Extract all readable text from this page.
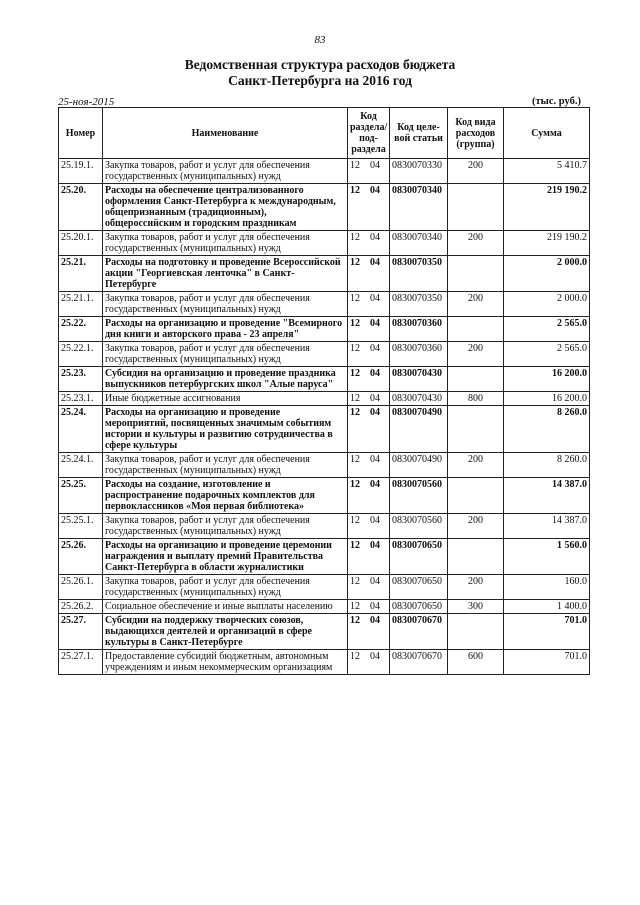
83
Ведомственная структура расходов бюджета
Санкт-Петербурга на 2016 год
25-ноя-2015	(тыс. руб.)
Номер	Наименование	Код раздела/ под-раздела	Код целе-вой статьи	Код вида расходов (группа)	Сумма
25.19.1.	Закупка товаров, работ и услуг для обеспечения государственных (муниципальных) нужд	12 04	0830070330	200	5 410.7
25.20.	Расходы на обеспечение централизованного оформления Санкт-Петербурга к международным, общепризнанным (традиционным), общероссийским и городским праздникам	12 04	0830070340		219 190.2
25.20.1.	Закупка товаров, работ и услуг для обеспечения государственных (муниципальных) нужд	12 04	0830070340	200	219 190.2
25.21.	Расходы на подготовку и проведение Всероссийской акции "Георгиевская ленточка" в Санкт-Петербурге	12 04	0830070350		2 000.0
25.21.1.	Закупка товаров, работ и услуг для обеспечения государственных (муниципальных) нужд	12 04	0830070350	200	2 000.0
25.22.	Расходы на организацию и проведение "Всемирного дня книги и авторского права - 23 апреля"	12 04	0830070360		2 565.0
25.22.1.	Закупка товаров, работ и услуг для обеспечения государственных (муниципальных) нужд	12 04	0830070360	200	2 565.0
25.23.	Субсидия на организацию и проведение праздника выпускников петербургских школ "Алые паруса"	12 04	0830070430		16 200.0
25.23.1.	Иные бюджетные ассигнования	12 04	0830070430	800	16 200.0
25.24.	Расходы на организацию и проведение мероприятий, посвященных значимым событиям истории и культуры и развитию сотрудничества в сфере культуры	12 04	0830070490		8 260.0
25.24.1.	Закупка товаров, работ и услуг для обеспечения государственных (муниципальных) нужд	12 04	0830070490	200	8 260.0
25.25.	Расходы на создание, изготовление и распространение подарочных комплектов для первоклассников «Моя первая библиотека»	12 04	0830070560		14 387.0
25.25.1.	Закупка товаров, работ и услуг для обеспечения государственных (муниципальных) нужд	12 04	0830070560	200	14 387.0
25.26.	Расходы на организацию и проведение церемонии награждения и выплату премий Правительства Санкт-Петербурга в области журналистики	12 04	0830070650		1 560.0
25.26.1.	Закупка товаров, работ и услуг для обеспечения государственных (муниципальных) нужд	12 04	0830070650	200	160.0
25.26.2.	Социальное обеспечение и иные выплаты населению	12 04	0830070650	300	1 400.0
25.27.	Субсидии на поддержку творческих союзов, выдающихся деятелей и организаций в сфере культуры в Санкт-Петербурге	12 04	0830070670		701.0
25.27.1.	Предоставление субсидий бюджетным, автономным учреждениям и иным некоммерческим организациям	12 04	0830070670	600	701.0
